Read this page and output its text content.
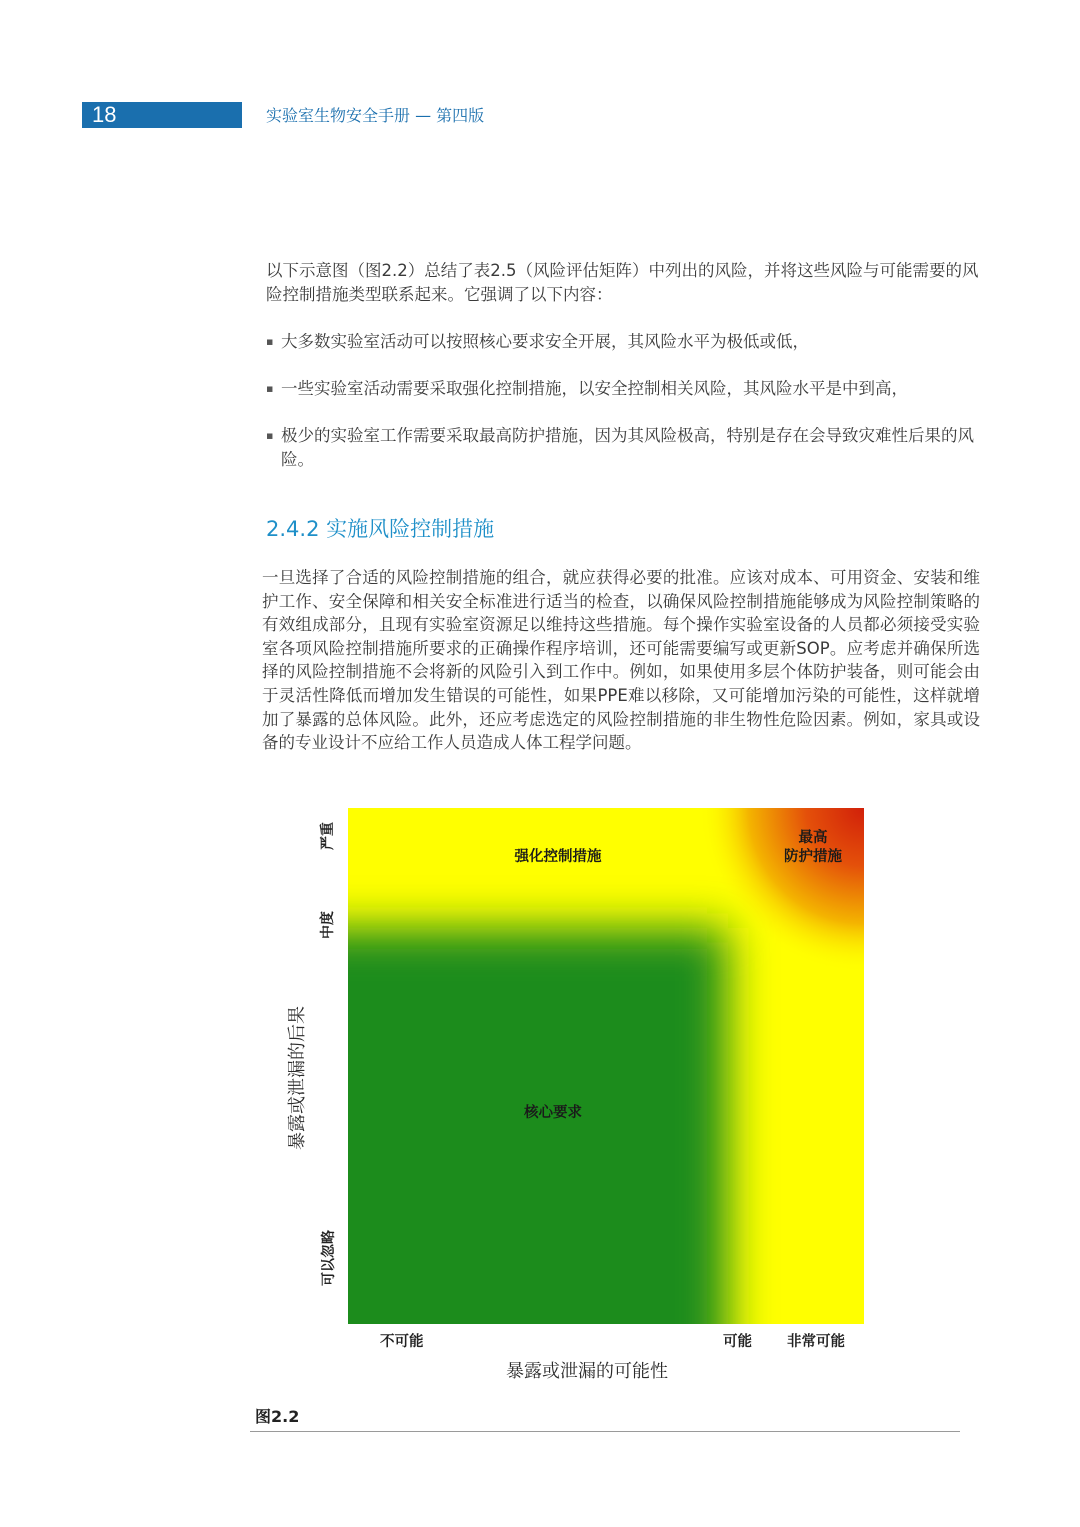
18	实验室生物安全手册 — 第四版
以下示意图（图2.2）总结了表2.5（风险评估矩阵）中列出的风险，并将这些风险与可能需要的风险控制措施类型联系起来。它强调了以下内容：
▪ 大多数实验室活动可以按照核心要求安全开展，其风险水平为极低或低，
▪ 一些实验室活动需要采取强化控制措施，以安全控制相关风险，其风险水平是中到高，
▪ 极少的实验室工作需要采取最高防护措施，因为其风险极高，特别是存在会导致灾难性后果的风险。
2.4.2 实施风险控制措施
一旦选择了合适的风险控制措施的组合，就应获得必要的批准。应该对成本、可用资金、安装和维护工作、安全保障和相关安全标准进行适当的检查，以确保风险控制措施能够成为风险控制策略的有效组成部分，且现有实验室资源足以维持这些措施。每个操作实验室设备的人员都必须接受实验室各项风险控制措施所要求的正确操作程序培训，还可能需要编写或更新SOP。应考虑并确保所选择的风险控制措施不会将新的风险引入到工作中。例如，如果使用多层个体防护装备，则可能会由于灵活性降低而增加发生错误的可能性，如果PPE难以移除，又可能增加污染的可能性，这样就增加了暴露的总体风险。此外，还应考虑选定的风险控制措施的非生物性危险因素。例如，家具或设备的专业设计不应给工作人员造成人体工程学问题。
强化控制措施
最高
防护措施
核心要求
严重
中度
可以忽略
暴露或泄漏的后果
不可能	可能 非常可能
暴露或泄漏的可能性
图2.2
